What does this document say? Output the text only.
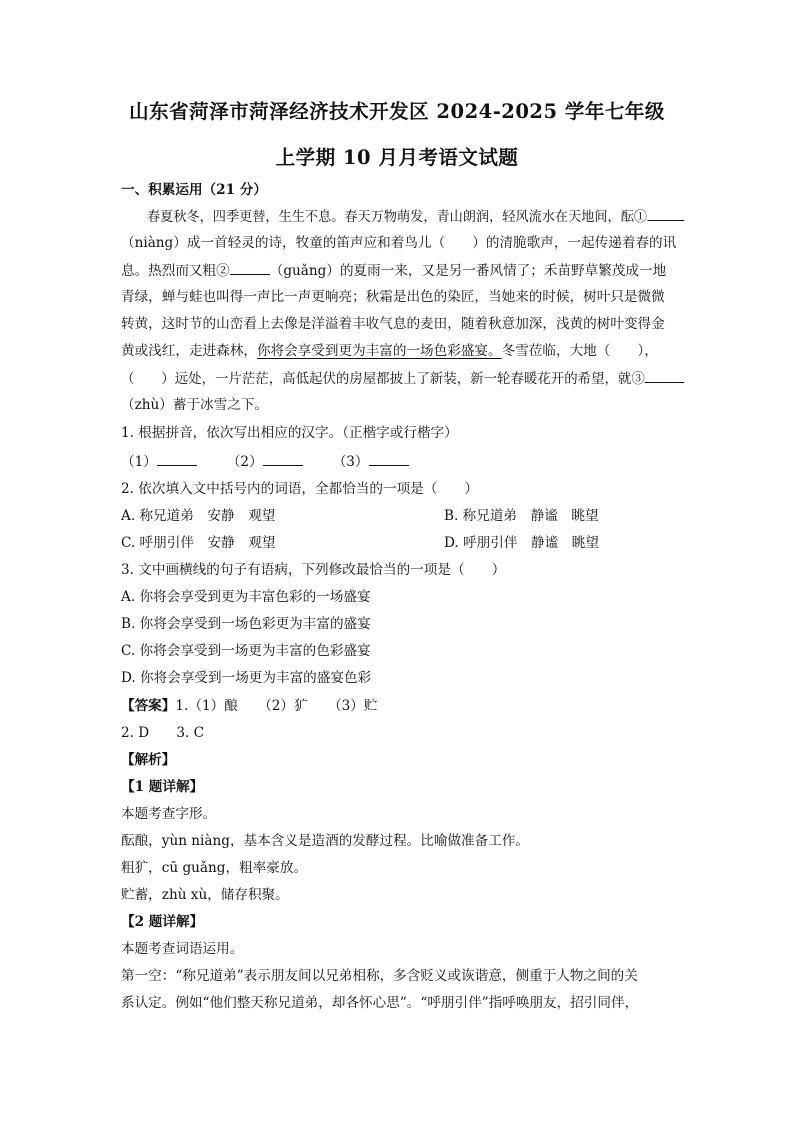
山东省菏泽市菏泽经济技术开发区 2024-2025 学年七年级
上学期 10 月月考语文试题
一、积累运用（21 分）
春夏秋冬，四季更替，生生不息。春天万物萌发，青山朗润，轻风流水在天地间，酝①
（niàng）成一首轻灵的诗，牧童的笛声应和着鸟儿（　　）的清脆歌声，一起传递着春的讯
息。热烈而又粗②	（guǎng）的夏雨一来，又是另一番风情了；禾苗野草繁茂成一地
青绿，蝉与蛙也叫得一声比一声更响亮；秋霜是出色的染匠，当她来的时候，树叶只是微微
转黄，这时节的山峦看上去像是洋溢着丰收气息的麦田，随着秋意加深，浅黄的树叶变得金
黄或浅红，走进森林，你将会享受到更为丰富的一场色彩盛宴。冬雪莅临，大地（　　），
（　　）远处，一片茫茫，高低起伏的房屋都披上了新装，新一轮春暖花开的希望，就③
（zhù）蓄于冰雪之下。
1. 根据拼音，依次写出相应的汉字。（正楷字或行楷字）
（1）	（2）	（3）
2. 依次填入文中括号内的词语，全都恰当的一项是（　　）
A. 称兄道弟　安静　观望	B. 称兄道弟　静谧　眺望
C. 呼朋引伴　安静　观望	D. 呼朋引伴　静谧　眺望
3. 文中画横线的句子有语病，下列修改最恰当的一项是（　　）
A. 你将会享受到更为丰富色彩的一场盛宴
B. 你将会享受到一场色彩更为丰富的盛宴
C. 你将会享受到一场更为丰富的色彩盛宴
D. 你将会享受到一场更为丰富的盛宴色彩
【答案】1.（1）酿　　（2）犷　　（3）贮
2. D　　3. C
【解析】
【1 题详解】
本题考查字形。
酝酿，yùn niàng，基本含义是造酒的发酵过程。比喻做准备工作。
粗犷，cū guǎng，粗率豪放。
贮蓄，zhù xù，储存积聚。
【2 题详解】
本题考查词语运用。
第一空：“称兄道弟”表示朋友间以兄弟相称，多含贬义或诙谐意，侧重于人物之间的关
系认定。例如“他们整天称兄道弟，却各怀心思”。“呼朋引伴”指呼唤朋友，招引同伴，
